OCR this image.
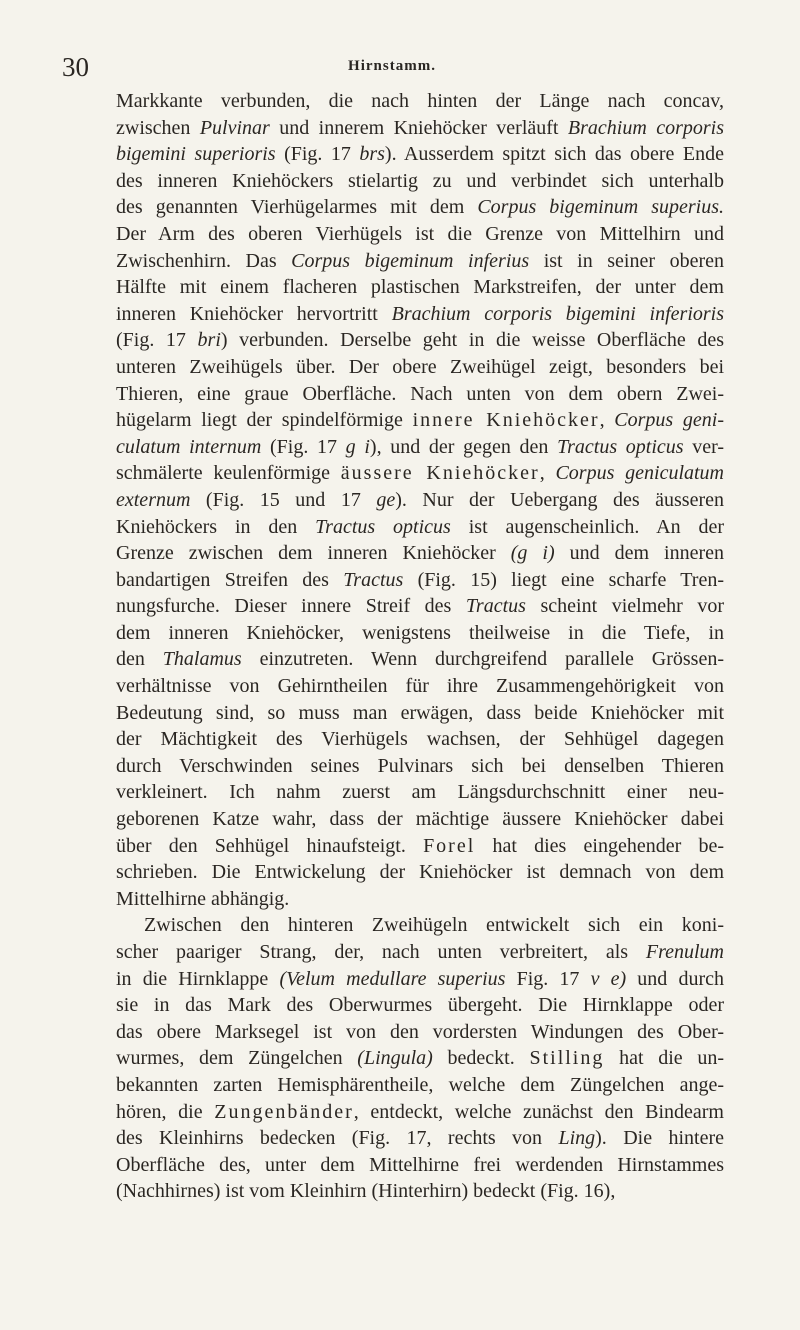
30	Hirnstamm.
Markkante verbunden, die nach hinten der Länge nach concav,
zwischen Pulvinar und innerem Kniehöcker verläuft Brachium corporis
bigemini superioris (Fig. 17 brs). Ausserdem spitzt sich das obere Ende
des inneren Kniehöckers stielartig zu und verbindet sich unterhalb
des genannten Vierhügelarmes mit dem Corpus bigeminum superius.
Der Arm des oberen Vierhügels ist die Grenze von Mittelhirn und
Zwischenhirn. Das Corpus bigeminum inferius ist in seiner oberen
Hälfte mit einem flacheren plastischen Markstreifen, der unter dem
inneren Kniehöcker hervortritt Brachium corporis bigemini inferioris
(Fig. 17 bri) verbunden. Derselbe geht in die weisse Oberfläche des
unteren Zweihügels über. Der obere Zweihügel zeigt, besonders bei
Thieren, eine graue Oberfläche. Nach unten von dem obern Zwei-
hügelarm liegt der spindelförmige innere Kniehöcker, Corpus geni-
culatum internum (Fig. 17 g i), und der gegen den Tractus opticus ver-
schmälerte keulenförmige äussere Kniehöcker, Corpus geniculatum
externum (Fig. 15 und 17 ge). Nur der Uebergang des äusseren
Kniehöckers in den Tractus opticus ist augenscheinlich. An der
Grenze zwischen dem inneren Kniehöcker (g i) und dem inneren
bandartigen Streifen des Tractus (Fig. 15) liegt eine scharfe Tren-
nungsfurche. Dieser innere Streif des Tractus scheint vielmehr vor
dem inneren Kniehöcker, wenigstens theilweise in die Tiefe, in
den Thalamus einzutreten. Wenn durchgreifend parallele Grössen-
verhältnisse von Gehirntheilen für ihre Zusammengehörigkeit von
Bedeutung sind, so muss man erwägen, dass beide Kniehöcker mit
der Mächtigkeit des Vierhügels wachsen, der Sehhügel dagegen
durch Verschwinden seines Pulvinars sich bei denselben Thieren
verkleinert. Ich nahm zuerst am Längsdurchschnitt einer neu-
geborenen Katze wahr, dass der mächtige äussere Kniehöcker dabei
über den Sehhügel hinaufsteigt. Forel hat dies eingehender be-
schrieben. Die Entwickelung der Kniehöcker ist demnach von dem
Mittelhirne abhängig.
Zwischen den hinteren Zweihügeln entwickelt sich ein koni-
scher paariger Strang, der, nach unten verbreitert, als Frenulum
in die Hirnklappe (Velum medullare superius Fig. 17 v e) und durch
sie in das Mark des Oberwurmes übergeht. Die Hirnklappe oder
das obere Marksegel ist von den vordersten Windungen des Ober-
wurmes, dem Züngelchen (Lingula) bedeckt. Stilling hat die un-
bekannten zarten Hemisphärentheile, welche dem Züngelchen ange-
hören, die Zungenbänder, entdeckt, welche zunächst den Bindearm
des Kleinhirns bedecken (Fig. 17, rechts von Ling). Die hintere
Oberfläche des, unter dem Mittelhirne frei werdenden Hirnstammes
(Nachhirnes) ist vom Kleinhirn (Hinterhirn) bedeckt (Fig. 16),
